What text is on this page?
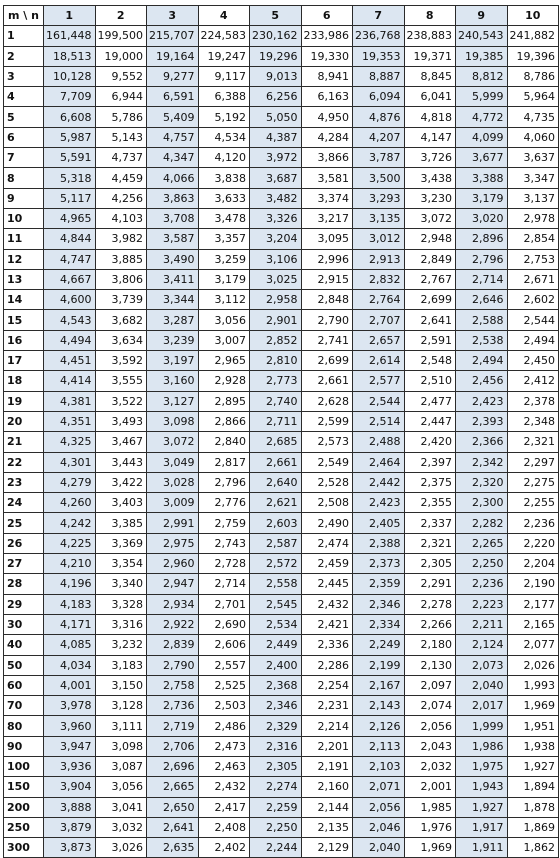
m \ n	1	2	3	4	5	6	7	8	9	10
1	161,448	199,500	215,707	224,583	230,162	233,986	236,768	238,883	240,543	241,882
2	18,513	19,000	19,164	19,247	19,296	19,330	19,353	19,371	19,385	19,396
3	10,128	9,552	9,277	9,117	9,013	8,941	8,887	8,845	8,812	8,786
4	7,709	6,944	6,591	6,388	6,256	6,163	6,094	6,041	5,999	5,964
5	6,608	5,786	5,409	5,192	5,050	4,950	4,876	4,818	4,772	4,735
6	5,987	5,143	4,757	4,534	4,387	4,284	4,207	4,147	4,099	4,060
7	5,591	4,737	4,347	4,120	3,972	3,866	3,787	3,726	3,677	3,637
8	5,318	4,459	4,066	3,838	3,687	3,581	3,500	3,438	3,388	3,347
9	5,117	4,256	3,863	3,633	3,482	3,374	3,293	3,230	3,179	3,137
10	4,965	4,103	3,708	3,478	3,326	3,217	3,135	3,072	3,020	2,978
11	4,844	3,982	3,587	3,357	3,204	3,095	3,012	2,948	2,896	2,854
12	4,747	3,885	3,490	3,259	3,106	2,996	2,913	2,849	2,796	2,753
13	4,667	3,806	3,411	3,179	3,025	2,915	2,832	2,767	2,714	2,671
14	4,600	3,739	3,344	3,112	2,958	2,848	2,764	2,699	2,646	2,602
15	4,543	3,682	3,287	3,056	2,901	2,790	2,707	2,641	2,588	2,544
16	4,494	3,634	3,239	3,007	2,852	2,741	2,657	2,591	2,538	2,494
17	4,451	3,592	3,197	2,965	2,810	2,699	2,614	2,548	2,494	2,450
18	4,414	3,555	3,160	2,928	2,773	2,661	2,577	2,510	2,456	2,412
19	4,381	3,522	3,127	2,895	2,740	2,628	2,544	2,477	2,423	2,378
20	4,351	3,493	3,098	2,866	2,711	2,599	2,514	2,447	2,393	2,348
21	4,325	3,467	3,072	2,840	2,685	2,573	2,488	2,420	2,366	2,321
22	4,301	3,443	3,049	2,817	2,661	2,549	2,464	2,397	2,342	2,297
23	4,279	3,422	3,028	2,796	2,640	2,528	2,442	2,375	2,320	2,275
24	4,260	3,403	3,009	2,776	2,621	2,508	2,423	2,355	2,300	2,255
25	4,242	3,385	2,991	2,759	2,603	2,490	2,405	2,337	2,282	2,236
26	4,225	3,369	2,975	2,743	2,587	2,474	2,388	2,321	2,265	2,220
27	4,210	3,354	2,960	2,728	2,572	2,459	2,373	2,305	2,250	2,204
28	4,196	3,340	2,947	2,714	2,558	2,445	2,359	2,291	2,236	2,190
29	4,183	3,328	2,934	2,701	2,545	2,432	2,346	2,278	2,223	2,177
30	4,171	3,316	2,922	2,690	2,534	2,421	2,334	2,266	2,211	2,165
40	4,085	3,232	2,839	2,606	2,449	2,336	2,249	2,180	2,124	2,077
50	4,034	3,183	2,790	2,557	2,400	2,286	2,199	2,130	2,073	2,026
60	4,001	3,150	2,758	2,525	2,368	2,254	2,167	2,097	2,040	1,993
70	3,978	3,128	2,736	2,503	2,346	2,231	2,143	2,074	2,017	1,969
80	3,960	3,111	2,719	2,486	2,329	2,214	2,126	2,056	1,999	1,951
90	3,947	3,098	2,706	2,473	2,316	2,201	2,113	2,043	1,986	1,938
100	3,936	3,087	2,696	2,463	2,305	2,191	2,103	2,032	1,975	1,927
150	3,904	3,056	2,665	2,432	2,274	2,160	2,071	2,001	1,943	1,894
200	3,888	3,041	2,650	2,417	2,259	2,144	2,056	1,985	1,927	1,878
250	3,879	3,032	2,641	2,408	2,250	2,135	2,046	1,976	1,917	1,869
300	3,873	3,026	2,635	2,402	2,244	2,129	2,040	1,969	1,911	1,862
